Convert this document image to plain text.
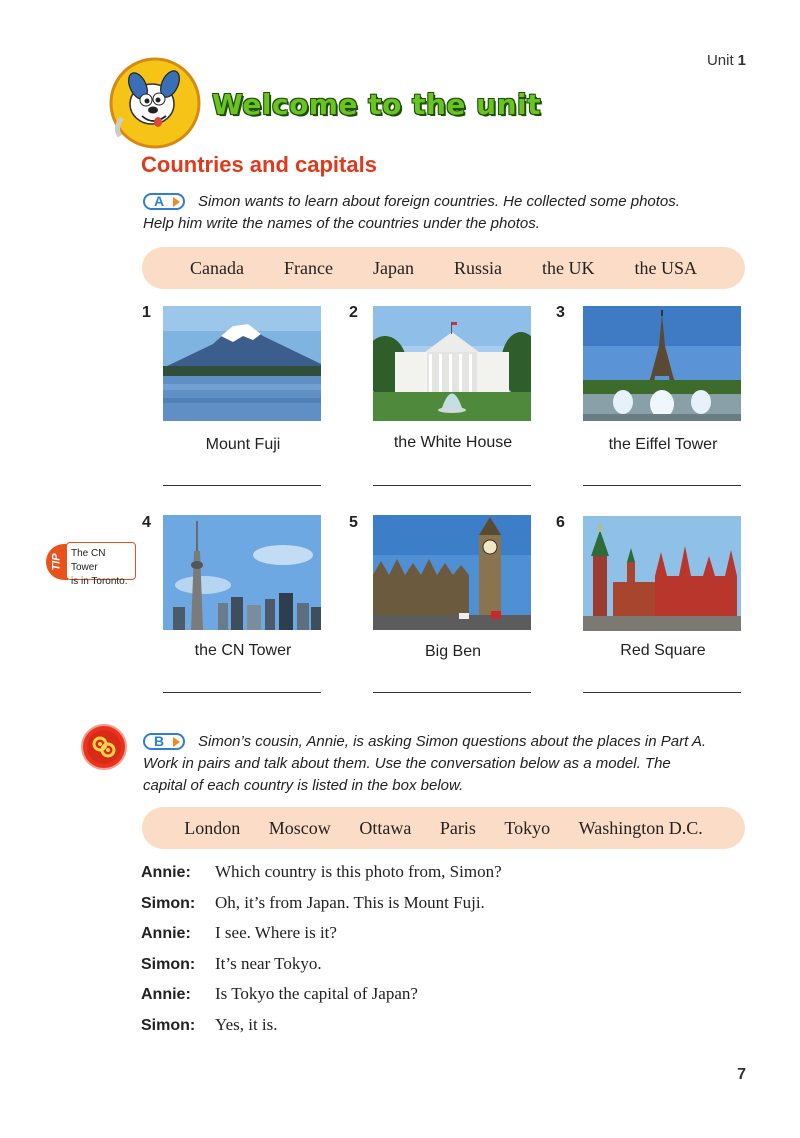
Unit 1
Welcome to the unit
Countries and capitals
A	Simon wants to learn about foreign countries. He collected some photos.
Help him write the names of the countries under the photos.
Canada France Japan Russia the UK the USA
1
Mount Fuji
2
the White House
3
the Eiffel Tower
4
the CN Tower
5
Big Ben
6
Red Square
TIP The CN Tower
is in Toronto.
B	Simon’s cousin, Annie, is asking Simon questions about the places in Part A.
Work in pairs and talk about them. Use the conversation below as a model. The
capital of each country is listed in the box below.
London Moscow Ottawa Paris Tokyo Washington D.C.
Annie:	Which country is this photo from, Simon?
Simon:	Oh, it’s from Japan. This is Mount Fuji.
Annie:	I see. Where is it?
Simon:	It’s near Tokyo.
Annie:	Is Tokyo the capital of Japan?
Simon:	Yes, it is.
7
